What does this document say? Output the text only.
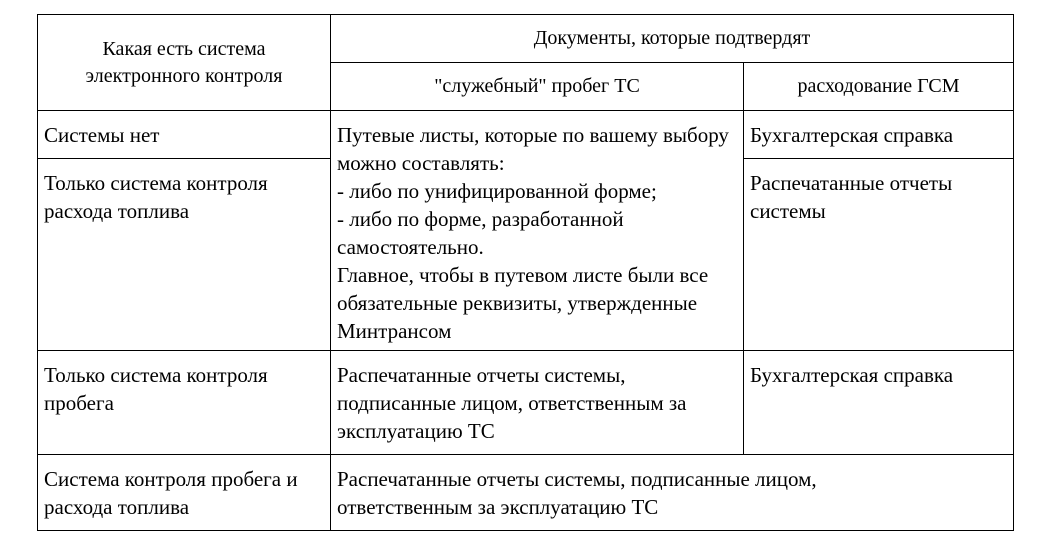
Какая есть система электронного контроля	Документы, которые подтвердят	

	"служебный" пробег ТС	расходование ГСМ

Системы нет	Путевые листы, которые по вашему выбору можно составлять:
- либо по унифицированной форме;
- либо по форме, разработанной самостоятельно.
Главное, чтобы в путевом листе были все обязательные реквизиты, утвержденные Минтрансом	Бухгалтерская справка

Только система контроля расхода топлива		Распечатанные отчеты системы

Только система контроля пробега	Распечатанные отчеты системы, подписанные лицом, ответственным за эксплуатацию ТС	Бухгалтерская справка

Система контроля пробега и расхода топлива	Распечатанные отчеты системы, подписанные лицом, ответственным за эксплуатацию ТС	
